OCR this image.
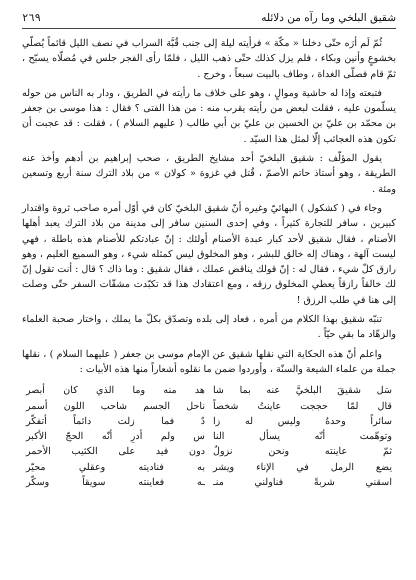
شقيق البلخي وما رآه من دلائله
٢٦٩

ثُمّ لَم أرَه حتّى دخلنا « مكّة » فرأيته ليلة إلى جنب قُبَّة السراب في نصف الليل قائماً يُصلّي بخشوعٍ وأنين وبكاء ، فلم يزل كذلك حتّى ذهب الليل ، فلمّا رأى الفجر جلس في مُصلّاه يسبّح ، ثمّ قام فصلّى الغداة ، وطاف بالبيت سبعاً ، وخرج .

فتبعته وإذا له حاشية وموالٍ ، وهو على خلاف ما رأيته في الطريق ، ودار به الناس من حوله يسلّمون عليه ، فقلت لبعض من رأيته يقرب منه : من هذا الفتى ؟ فقال : هذا موسى بن جعفر بن محمّد بن عليّ بن الحسين بن عليّ بن أبي طالب ( عليهم السلام ) ، فقلت : قد عجبت أن تكون هذه العجائب إلّا لمثل هذا السيّد .

يقول المؤلّف : شقيق البلخيّ أحد مشايخ الطريق ، صحب إبراهيم بن أدهم وأخذ عنه الطريقة ، وهو أستاذ حاتم الأصمّ ، قُتل في غزوة « كولان » من بلاد الترك سنة أربع وتسعين ومئة .

وجاء في ( كشكول ) البهائيّ وغيره أنّ شقيق البلخيّ كان في أوّل أمره صاحب ثروة واقتدار كبيرين ، سافر للتجارة كثيراً ، وفي إحدى السنين سافر إلى مدينة من بلاد الترك يعبد أهلها الأصنام ، فقال شقيق لأحد كبار عبدة الأصنام أولئك : إنّ عبادتكم للأصنام هذه باطلة ، فهي ليست آلهة ، وهناك إله خالق للبشر ، وهو المخلوق ليس كمثله شيء ، وهو السميع العليم ، وهو رازق كلّ شيء ، فقال له : إنّ قولك يناقض عملك ، فقال شقيق : وما ذاك ؟ قال : أنت تقول إنّ لك خالقاً رازقاً يعطي المخلوق رزقه ، ومع اعتقادك هذا قد تكبّدت مشقّات السفر حتّى وصلت إلى هنا في طلب الرزق !

تنبّه شقيق بهذا الكلام من أمره ، فعاد إلى بلده وتصدّق بكلّ ما يملك ، واختار صحبة العلماء والزهّاد ما بقي حيّاً .

واعلم أنّ هذه الحكاية التي نقلها شقيق عن الإمام موسى بن جعفر ( عليهما السلام ) ، نقلها جملة من علماء الشيعة والسنّة ، وأوردوا ضمن ما نقلوه أشعاراً منها هذه الأبيات :

سَل شقيقَ البلخيَّ عنه بما شا	هد منه وما الذي كان أبصر
قال لمّا حججت عاينتُ شخصاً	ناحل الجسم شاحب اللون أسمر
سائراً وحدهُ وليس له زا	دٌ فما زلت دائماً أتفكّر
وتوهّمت أنّه يسأل النا	س ولم أدرِ أنّه الحجّ الأكبر
ثمّ عاينته ونحن نزولٌ	دون فيد على الكثيب الأحمر
يضع الرمل في الإناء ويشر	به فناديته وعقلي محيّر
اسقني شربةً فناولني منـ	ـه فعاينته سويقاً وسكّر
